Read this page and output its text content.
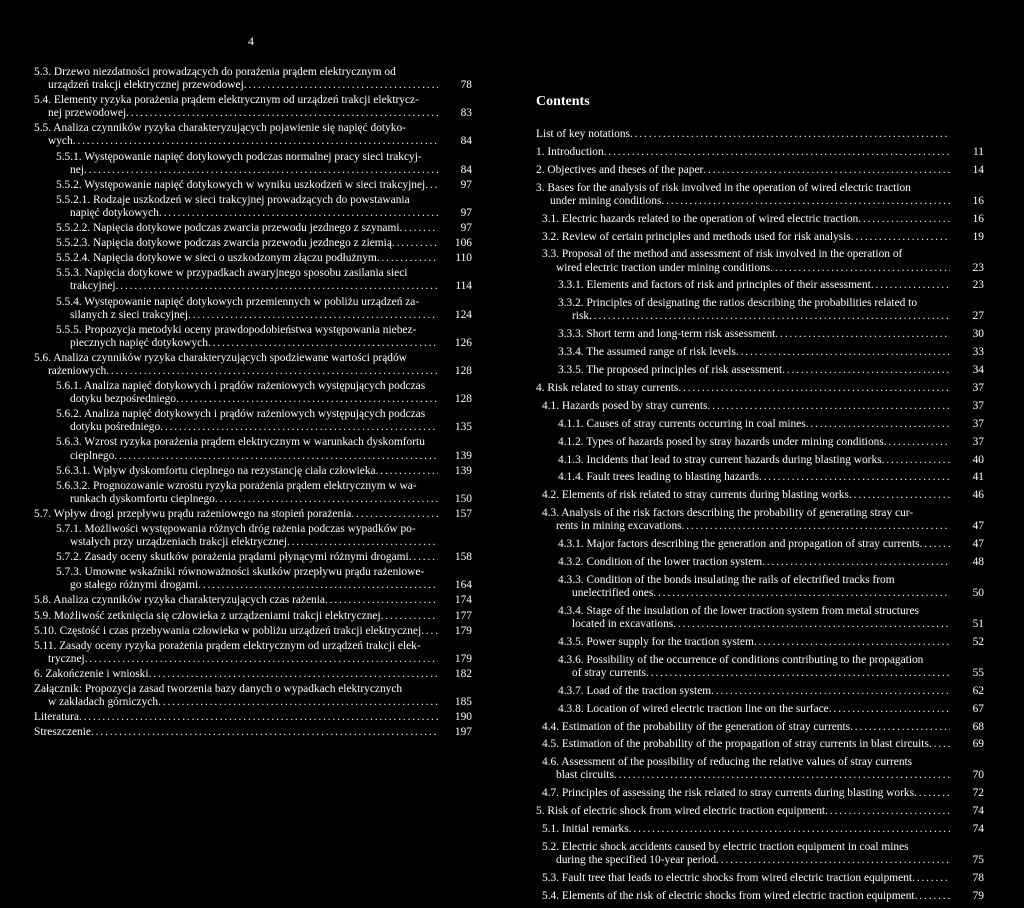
4
Contents
5.3. Drzewo niezdatności prowadzących do porażenia prądem elektrycznym od
urządzeń trakcji elektrycznej przewodowej . . .	78
5.4. Elementy ryzyka porażenia prądem elektrycznym od urządzeń trakcji elektrycz-
nej przewodowej . . .	83
5.5. Analiza czynników ryzyka charakteryzujących pojawienie się napięć dotyko-
wych . . .	84
5.5.1. Występowanie napięć dotykowych podczas normalnej pracy sieci trakcyj-
nej . . .	84
5.5.2. Występowanie napięć dotykowych w wyniku uszkodzeń w sieci trakcyjnej . . .	97
5.5.2.1. Rodzaje uszkodzeń w sieci trakcyjnej prowadzących do powstawania
napięć dotykowych . . .	97
5.5.2.2. Napięcia dotykowe podczas zwarcia przewodu jezdnego z szynami . . .	97
5.5.2.3. Napięcia dotykowe podczas zwarcia przewodu jezdnego z ziemią . . .	106
5.5.2.4. Napięcia dotykowe w sieci o uszkodzonym złączu podłużnym . . .	110
5.5.3. Napięcia dotykowe w przypadkach awaryjnego sposobu zasilania sieci
trakcyjnej . . .	114
5.5.4. Występowanie napięć dotykowych przemiennych w pobliżu urządzeń za-
silanych z sieci trakcyjnej . . .	124
5.5.5. Propozycja metodyki oceny prawdopodobieństwa występowania niebez-
piecznych napięć dotykowych . . .	126
5.6. Analiza czynników ryzyka charakteryzujących spodziewane wartości prądów
rażeniowych . . .	128
5.6.1. Analiza napięć dotykowych i prądów rażeniowych występujących podczas
dotyku bezpośredniego . . .	128
5.6.2. Analiza napięć dotykowych i prądów rażeniowych występujących podczas
dotyku pośredniego . . .	135
5.6.3. Wzrost ryzyka porażenia prądem elektrycznym w warunkach dyskomfortu
cieplnego . . .	139
5.6.3.1. Wpływ dyskomfortu cieplnego na rezystancję ciała człowieka . . .	139
5.6.3.2. Prognozowanie wzrostu ryzyka porażenia prądem elektrycznym w wa-
runkach dyskomfortu cieplnego . . .	150
5.7. Wpływ drogi przepływu prądu rażeniowego na stopień porażenia . . .	157
5.7.1. Możliwości występowania różnych dróg rażenia podczas wypadków po-
wstałych przy urządzeniach trakcji elektrycznej
. . .
5.7.2. Zasady oceny skutków porażenia prądami płynącymi różnymi drogami . . .	158
5.7.3. Umowne wskaźniki równoważności skutków przepływu prądu rażeniowe-
go stałego różnymi drogami . . .	164
5.8. Analiza czynników ryzyka charakteryzujących czas rażenia . . .	174
5.9. Możliwość zetknięcia się człowieka z urządzeniami trakcji elektrycznej . . .	177
5.10. Częstość i czas przebywania człowieka w pobliżu urządzeń trakcji elektrycznej . . .	179
5.11. Zasady oceny ryzyka porażenia prądem elektrycznym od urządzeń trakcji elek-
trycznej . . .	179
6. Zakończenie i wnioski . . .	182
Załącznik: Propozycja zasad tworzenia bazy danych o wypadkach elektrycznych
w zakładach górniczych . . .	185
Literatura . . .	190
Streszczenie . . .	197
List of key notations
. . .
1. Introduction . . .	11
2. Objectives and theses of the paper . . .	14
3. Bases for the analysis of risk involved in the operation of wired electric traction
under mining conditions . . .	16
3.1. Electric hazards related to the operation of wired electric traction . . .	16
3.2. Review of certain principles and methods used for risk analysis . . .	19
3.3. Proposal of the method and assessment of risk involved in the operation of
wired electric traction under mining conditions . . .	23
3.3.1. Elements and factors of risk and principles of their assessment . . .	23
3.3.2. Principles of designating the ratios describing the probabilities related to
risk . . .	27
3.3.3. Short term and long-term risk assessment . . .	30
3.3.4. The assumed range of risk levels . . .	33
3.3.5. The proposed principles of risk assessment . . .	34
4. Risk related to stray currents . . .	37
4.1. Hazards posed by stray currents . . .	37
4.1.1. Causes of stray currents occurring in coal mines . . .	37
4.1.2. Types of hazards posed by stray hazards under mining conditions . . .	37
4.1.3. Incidents that lead to stray current hazards during blasting works . . .	40
4.1.4. Fault trees leading to blasting hazards . . .	41
4.2. Elements of risk related to stray currents during blasting works . . .	46
4.3. Analysis of the risk factors describing the probability of generating stray cur-
rents in mining excavations . . .	47
4.3.1. Major factors describing the generation and propagation of stray currents . . .	47
4.3.2. Condition of the lower traction system . . .	48
4.3.3. Condition of the bonds insulating the rails of electrified tracks from
unelectrified ones . . .	50
4.3.4. Stage of the insulation of the lower traction system from metal structures
located in excavations . . .	51
4.3.5. Power supply for the traction system . . .	52
4.3.6. Possibility of the occurrence of conditions contributing to the propagation
of stray currents . . .	55
4.3.7. Load of the traction system . . .	62
4.3.8. Location of wired electric traction line on the surface . . .	67
4.4. Estimation of the probability of the generation of stray currents . . .	68
4.5. Estimation of the probability of the propagation of stray currents in blast circuits . . .	69
4.6. Assessment of the possibility of reducing the relative values of stray currents
blast circuits . . .	70
4.7. Principles of assessing the risk related to stray currents during blasting works . . .	72
5. Risk of electric shock from wired electric traction equipment . . .	74
5.1. Initial remarks . . .	74
5.2. Electric shock accidents caused by electric traction equipment in coal mines
during the specified 10-year period . . .	75
5.3. Fault tree that leads to electric shocks from wired electric traction equipment . . .	78
5.4. Elements of the risk of electric shocks from wired electric traction equipment . . .	79
